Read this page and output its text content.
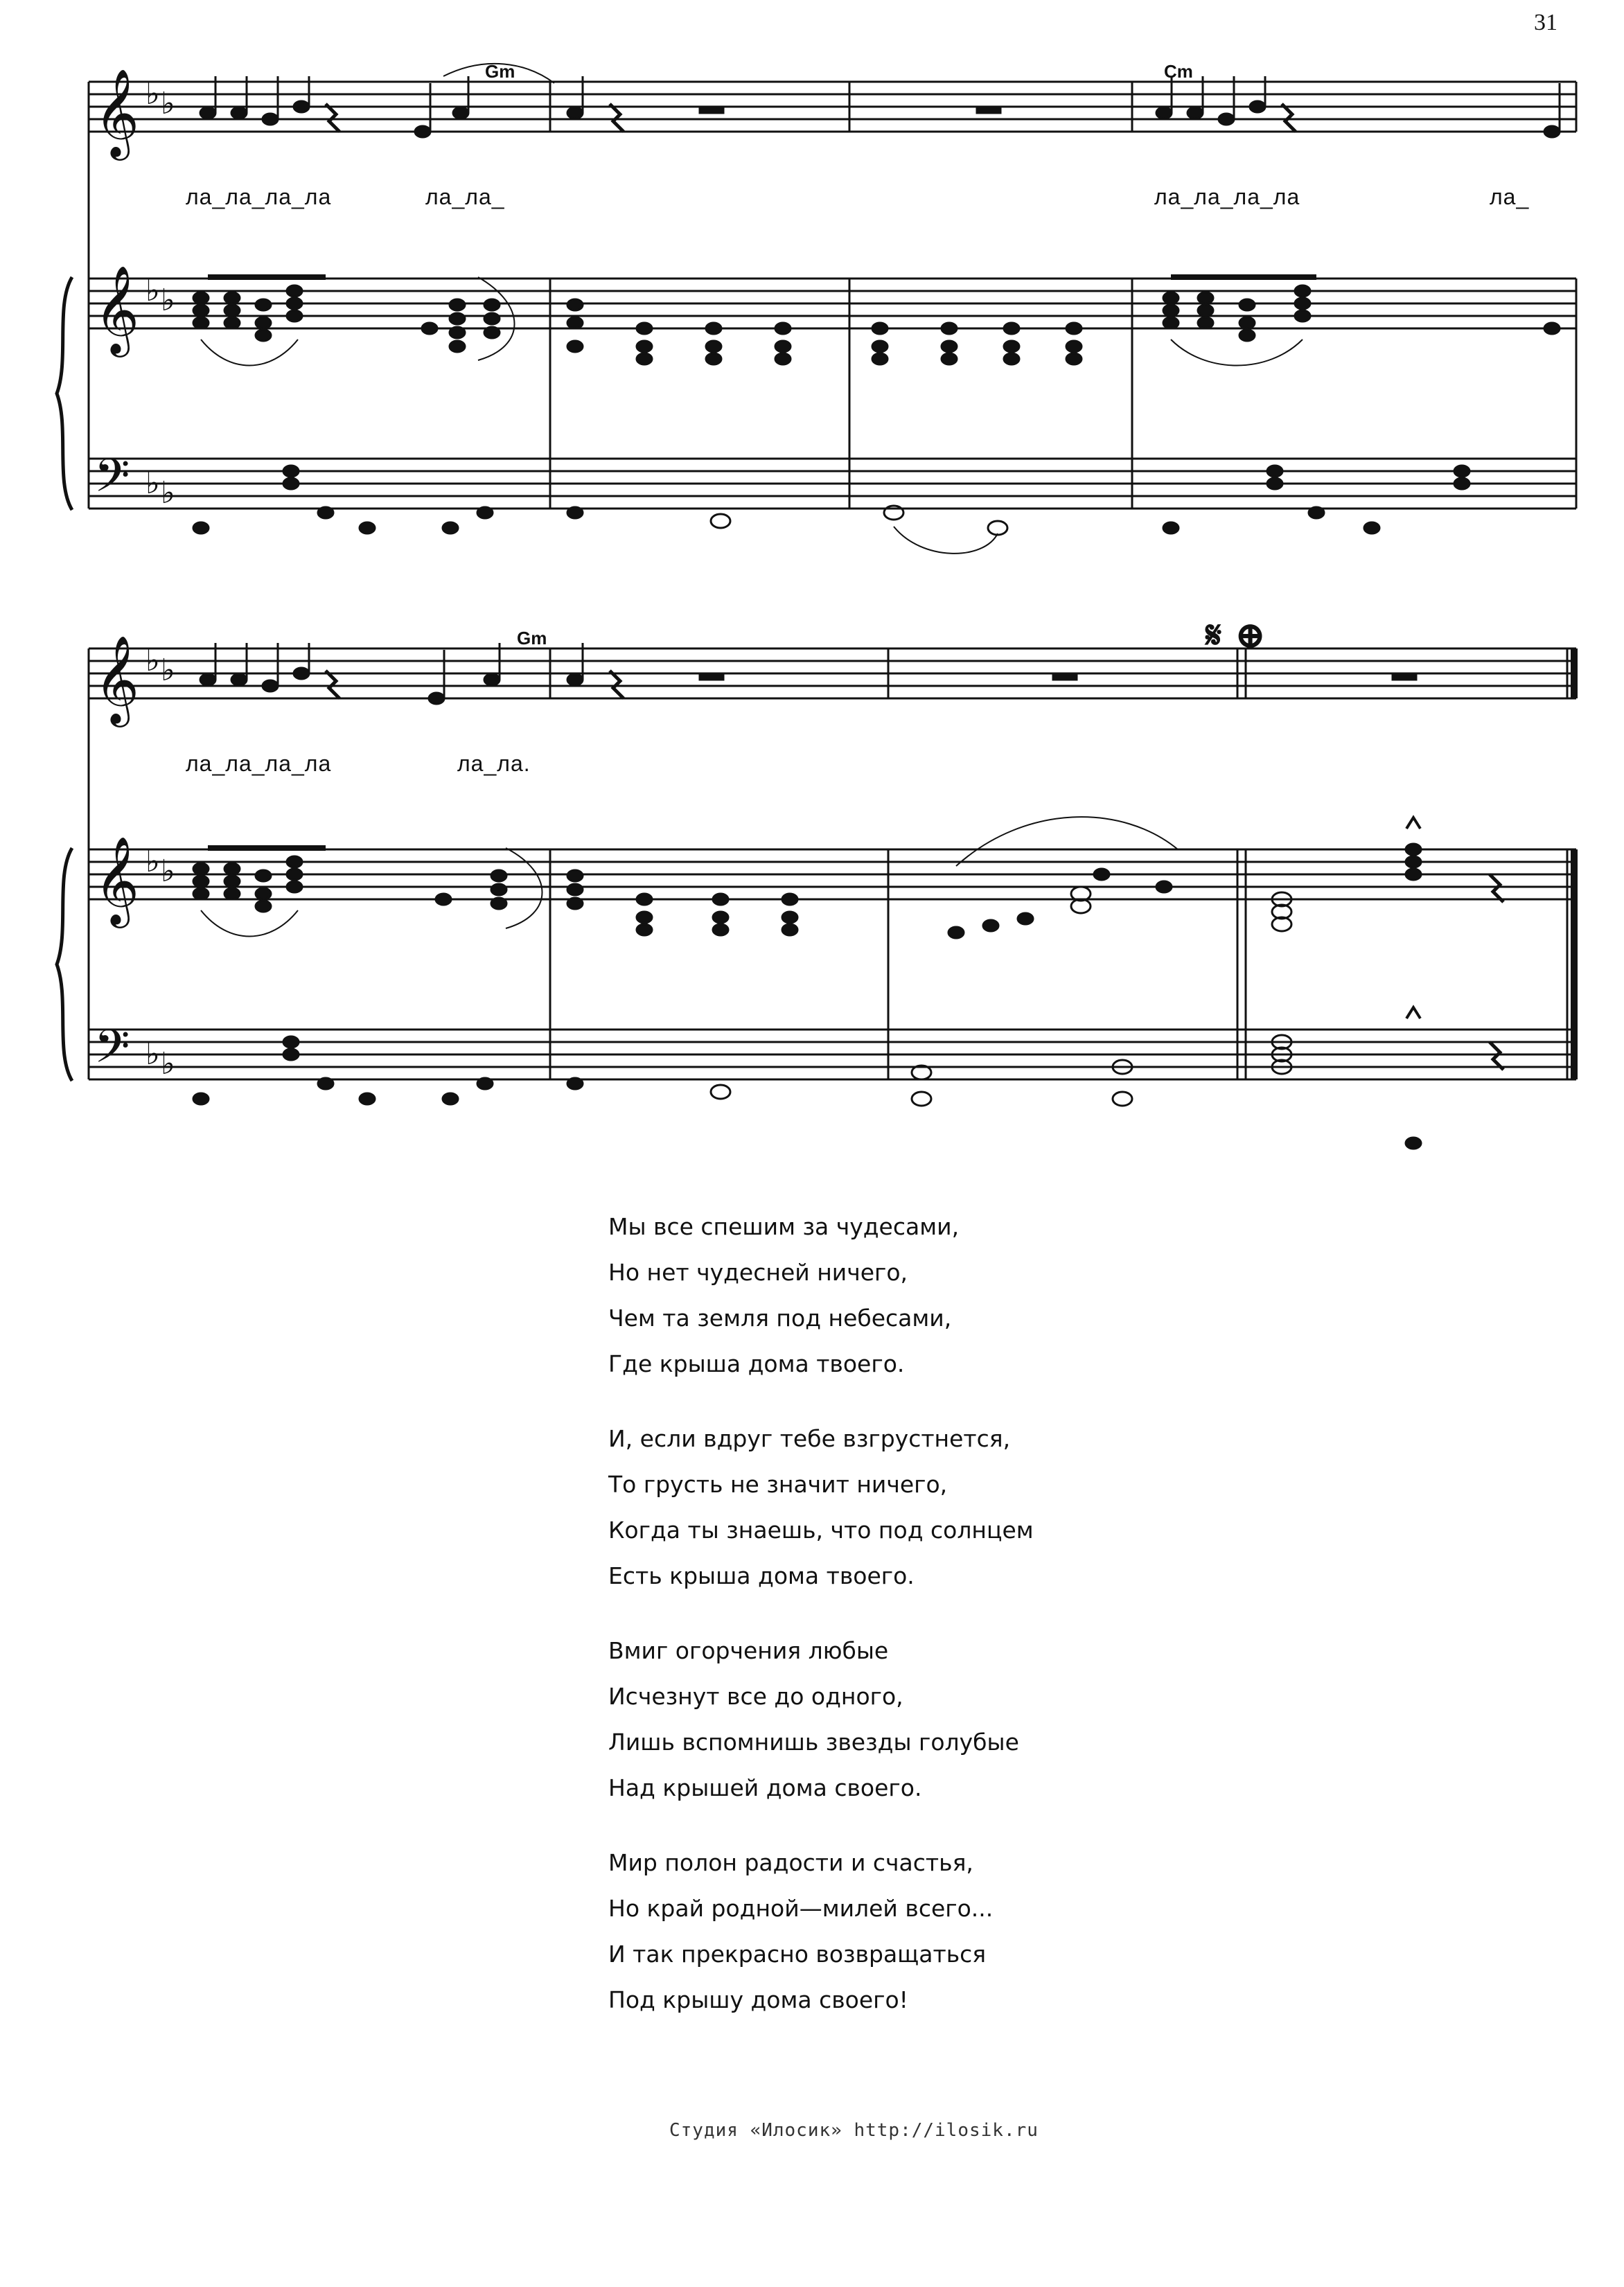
31
𝄞
𝄞
𝄢
♭ ♭
♭ ♭
♭ ♭
𝄞
𝄞
𝄢
♭ ♭
♭ ♭
♭ ♭
Gm	Cm
ла_ла_ла_ла	ла_ла_	ла_ла_ла_ла	ла_
Gm	𝄋 ⊕
ла_ла_ла_ла	ла_ла.
Мы все спешим за чудесами,
Но нет чудесней ничего,
Чем та земля под небесами,
Где крыша дома твоего.
И, если вдруг тебе взгрустнется,
То грусть не значит ничего,
Когда ты знаешь, что под солнцем
Есть крыша дома твоего.
Вмиг огорчения любые
Исчезнут все до одного,
Лишь вспомнишь звезды голубые
Над крышей дома своего.
Мир полон радости и счастья,
Но край родной—милей всего...
И так прекрасно возвращаться
Под крышу дома своего!
Студия «Илосик» http://ilosik.ru
